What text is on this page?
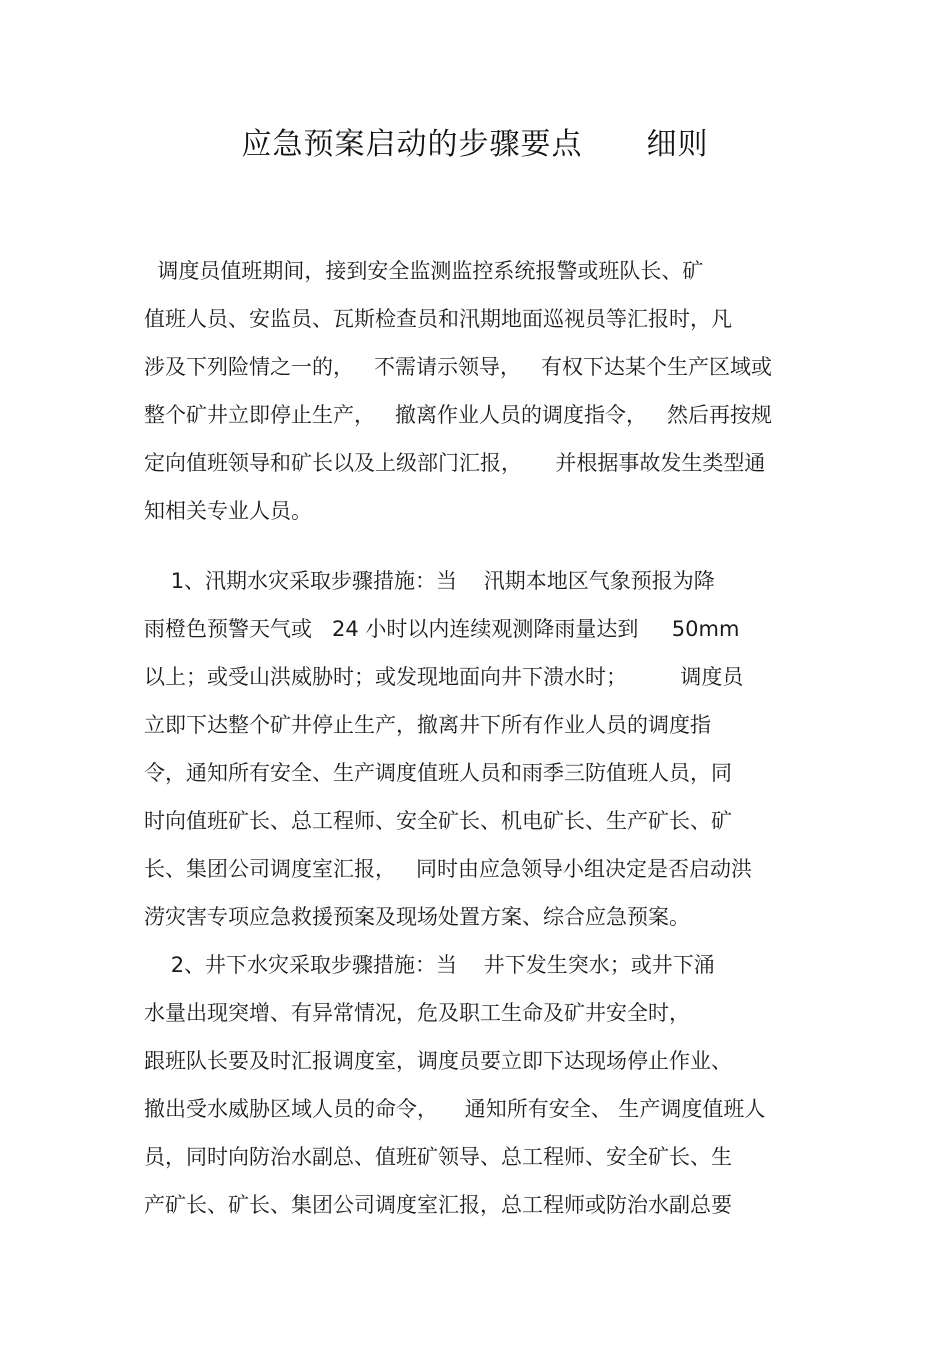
应急预案启动的步骤要点 细则
调度员值班期间，接到安全监测监控系统报警或班队长、矿
值班人员、安监员、瓦斯检查员和汛期地面巡视员等汇报时，凡
涉及下列险情之一的，   不需请示领导，   有权下达某个生产区域或
整个矿井立即停止生产，   撤离作业人员的调度指令，   然后再按规
定向值班领导和矿长以及上级部门汇报，     并根据事故发生类型通
知相关专业人员。
1、汛期水灾采取步骤措施：当    汛期本地区气象预报为降
雨橙色预警天气或   24 小时以内连续观测降雨量达到     50mm
以上；或受山洪威胁时；或发现地面向井下溃水时；        调度员
立即下达整个矿井停止生产，撤离井下所有作业人员的调度指
令，通知所有安全、生产调度值班人员和雨季三防值班人员，同
时向值班矿长、总工程师、安全矿长、机电矿长、生产矿长、矿
长、集团公司调度室汇报，   同时由应急领导小组决定是否启动洪
涝灾害专项应急救援预案及现场处置方案、综合应急预案。
2、井下水灾采取步骤措施：当    井下发生突水；或井下涌
水量出现突增、有异常情况，危及职工生命及矿井安全时，
跟班队长要及时汇报调度室，调度员要立即下达现场停止作业、
撤出受水威胁区域人员的命令，    通知所有安全、 生产调度值班人
员，同时向防治水副总、值班矿领导、总工程师、安全矿长、生
产矿长、矿长、集团公司调度室汇报，总工程师或防治水副总要
